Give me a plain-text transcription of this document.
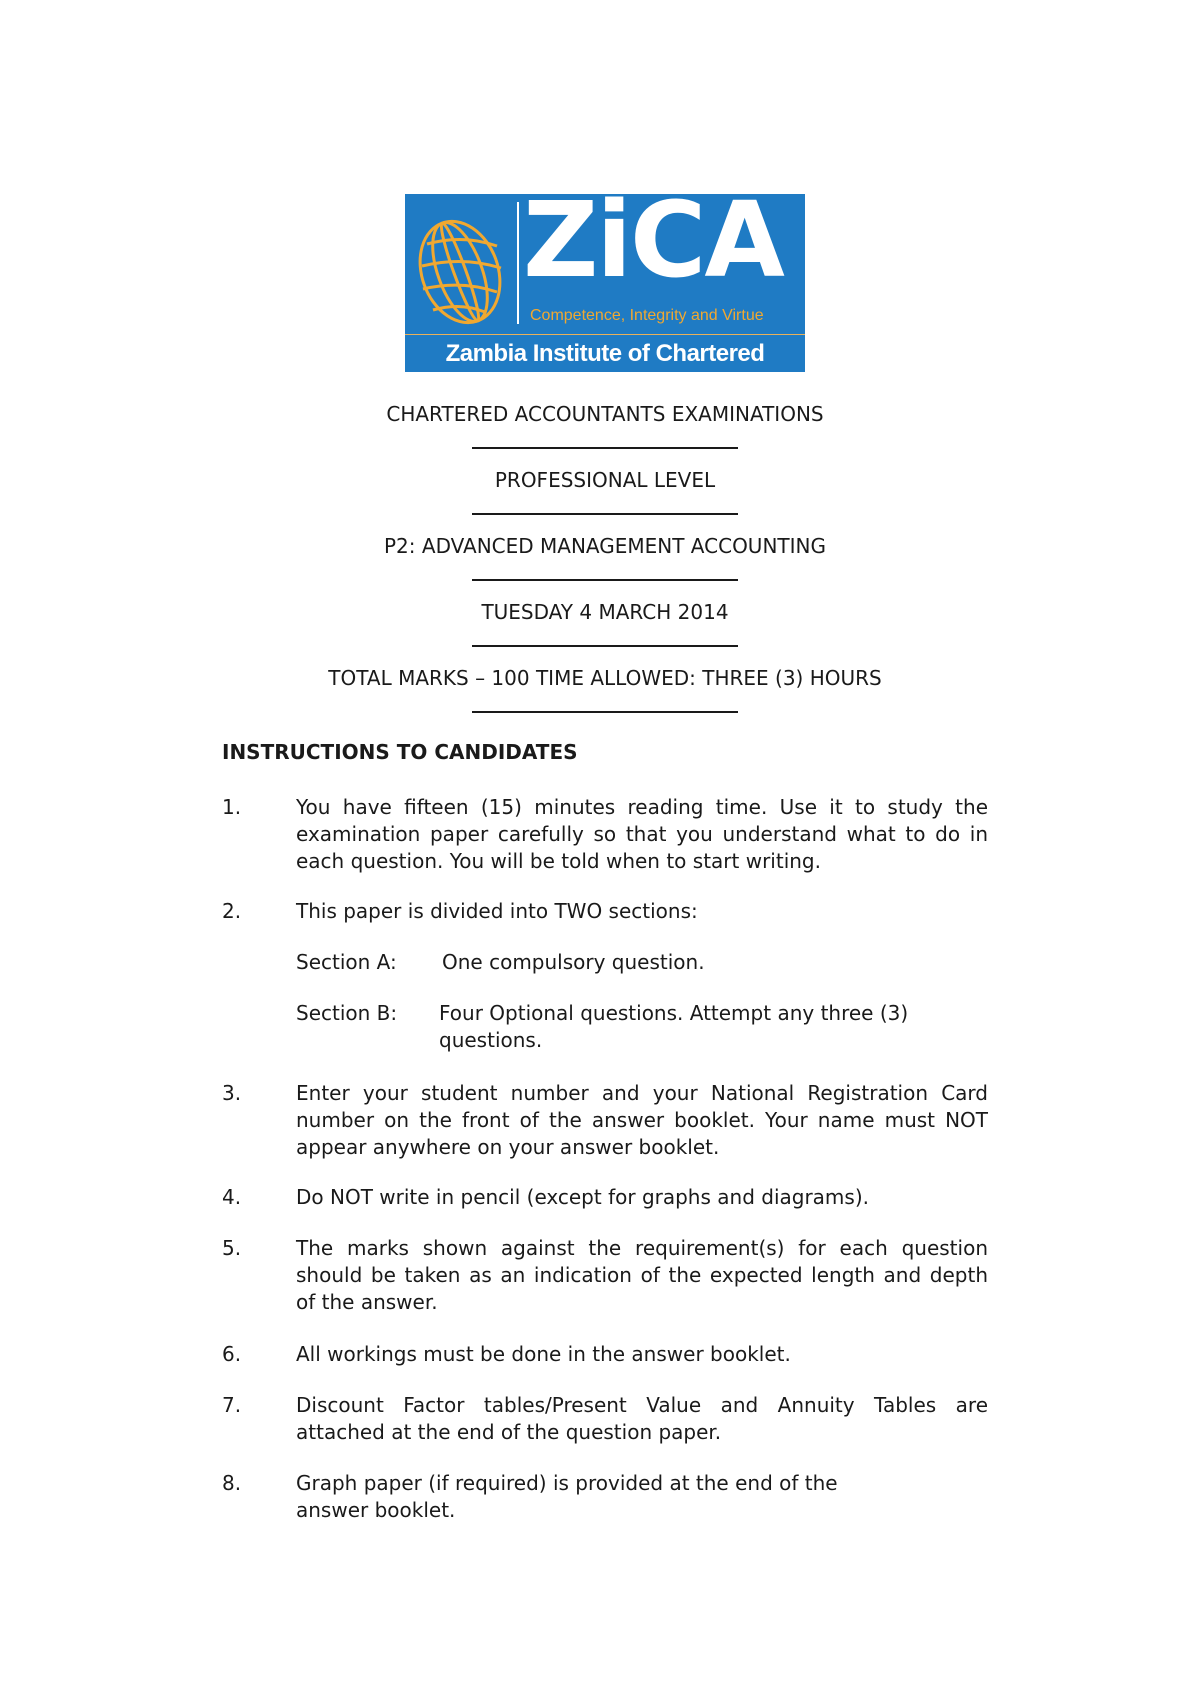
ZiCA
Competence, Integrity and Virtue
Zambia Institute of Chartered Accountants
CHARTERED ACCOUNTANTS EXAMINATIONS
PROFESSIONAL LEVEL
P2: ADVANCED MANAGEMENT ACCOUNTING
TUESDAY 4 MARCH 2014
TOTAL MARKS – 100 TIME ALLOWED: THREE (3) HOURS
INSTRUCTIONS TO CANDIDATES
1.	You have fifteen (15) minutes reading time. Use it to study the examination paper carefully so that you understand what to do in each question. You will be told when to start writing.
2.	This paper is divided into TWO sections:
Section A: One compulsory question.
Section B: Four Optional questions. Attempt any three (3) questions.
3.	Enter your student number and your National Registration Card number on the front of the answer booklet. Your name must NOT appear anywhere on your answer booklet.
4.	Do NOT write in pencil (except for graphs and diagrams).
5.	The marks shown against the requirement(s) for each question should be taken as an indication of the expected length and depth of the answer.
6.	All workings must be done in the answer booklet.
7.	Discount Factor tables/Present Value and Annuity Tables are attached at the end of the question paper.
8.	Graph paper (if required) is provided at the end of the answer booklet.
